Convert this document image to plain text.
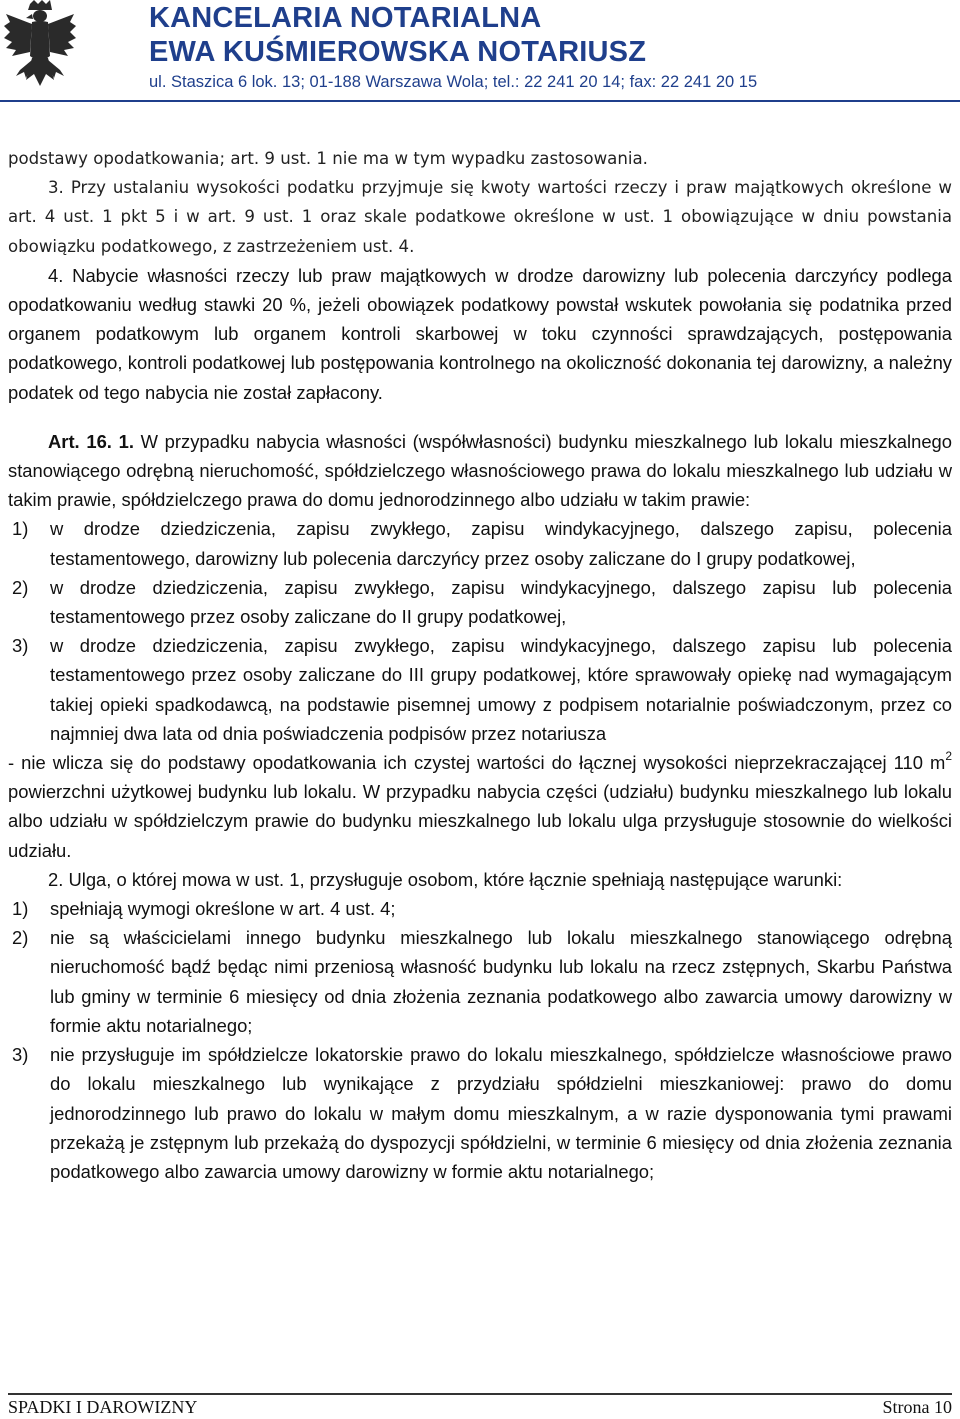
KANCELARIA NOTARIALNA
EWA KUŚMIEROWSKA NOTARIUSZ
ul. Staszica 6 lok. 13; 01-188 Warszawa Wola; tel.: 22 241 20 14; fax: 22 241 20 15

podstawy opodatkowania; art. 9 ust. 1 nie ma w tym wypadku zastosowania.

3. Przy ustalaniu wysokości podatku przyjmuje się kwoty wartości rzeczy i praw majątkowych określone w art. 4 ust. 1 pkt 5 i w art. 9 ust. 1 oraz skale podatkowe określone w ust. 1 obowiązujące w dniu powstania obowiązku podatkowego, z zastrzeżeniem ust. 4.

4. Nabycie własności rzeczy lub praw majątkowych w drodze darowizny lub polecenia darczyńcy podlega opodatkowaniu według stawki 20 %, jeżeli obowiązek podatkowy powstał wskutek powołania się podatnika przed organem podatkowym lub organem kontroli skarbowej w toku czynności sprawdzających, postępowania podatkowego, kontroli podatkowej lub postępowania kontrolnego na okoliczność dokonania tej darowizny, a należny podatek od tego nabycia nie został zapłacony.

Art. 16. 1. W przypadku nabycia własności (współwłasności) budynku mieszkalnego lub lokalu mieszkalnego stanowiącego odrębną nieruchomość, spółdzielczego własnościowego prawa do lokalu mieszkalnego lub udziału w takim prawie, spółdzielczego prawa do domu jednorodzinnego albo udziału w takim prawie:

1) w drodze dziedziczenia, zapisu zwykłego, zapisu windykacyjnego, dalszego zapisu, polecenia testamentowego, darowizny lub polecenia darczyńcy przez osoby zaliczane do I grupy podatkowej,
2) w drodze dziedziczenia, zapisu zwykłego, zapisu windykacyjnego, dalszego zapisu lub polecenia testamentowego przez osoby zaliczane do II grupy podatkowej,
3) w drodze dziedziczenia, zapisu zwykłego, zapisu windykacyjnego, dalszego zapisu lub polecenia testamentowego przez osoby zaliczane do III grupy podatkowej, które sprawowały opiekę nad wymagającym takiej opieki spadkodawcą, na podstawie pisemnej umowy z podpisem notarialnie poświadczonym, przez co najmniej dwa lata od dnia poświadczenia podpisów przez notariusza

- nie wlicza się do podstawy opodatkowania ich czystej wartości do łącznej wysokości nieprzekraczającej 110 $m^2$ powierzchni użytkowej budynku lub lokalu. W przypadku nabycia części (udziału) budynku mieszkalnego lub lokalu albo udziału w spółdzielczym prawie do budynku mieszkalnego lub lokalu ulga przysługuje stosownie do wielkości udziału.

2. Ulga, o której mowa w ust. 1, przysługuje osobom, które łącznie spełniają następujące warunki:

1) spełniają wymogi określone w art. 4 ust. 4;
2) nie są właścicielami innego budynku mieszkalnego lub lokalu mieszkalnego stanowiącego odrębną nieruchomość bądź będąc nimi przeniosą własność budynku lub lokalu na rzecz zstępnych, Skarbu Państwa lub gminy w terminie 6 miesięcy od dnia złożenia zeznania podatkowego albo zawarcia umowy darowizny w formie aktu notarialnego;
3) nie przysługuje im spółdzielcze lokatorskie prawo do lokalu mieszkalnego, spółdzielcze własnościowe prawo do lokalu mieszkalnego lub wynikające z przydziału spółdzielni mieszkaniowej: prawo do domu jednorodzinnego lub prawo do lokalu w małym domu mieszkalnym, a w razie dysponowania tymi prawami przekażą je zstępnym lub przekażą do dyspozycji spółdzielni, w terminie 6 miesięcy od dnia złożenia zeznania podatkowego albo zawarcia umowy darowizny w formie aktu notarialnego;
SPADKI I DAROWIZNY	Strona 10
